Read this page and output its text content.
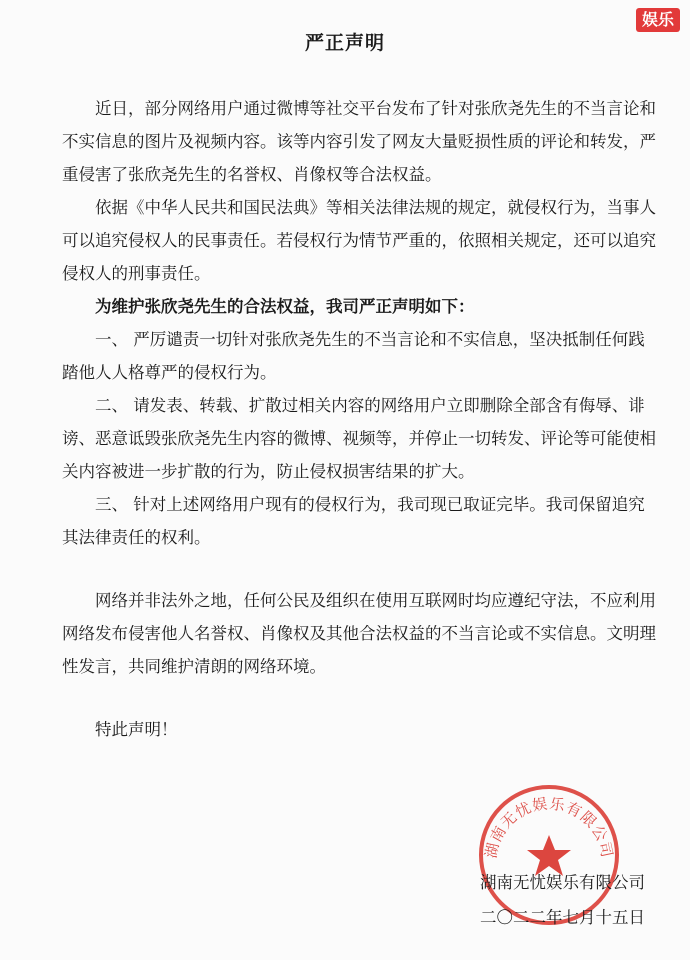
娱乐
严正声明

近日，部分网络用户通过微博等社交平台发布了针对张欣尧先生的不当言论和不实信息的图片及视频内容。该等内容引发了网友大量贬损性质的评论和转发，严重侵害了张欣尧先生的名誉权、肖像权等合法权益。

依据《中华人民共和国民法典》等相关法律法规的规定，就侵权行为，当事人可以追究侵权人的民事责任。若侵权行为情节严重的，依照相关规定，还可以追究侵权人的刑事责任。

为维护张欣尧先生的合法权益，我司严正声明如下：

一、 严厉谴责一切针对张欣尧先生的不当言论和不实信息，坚决抵制任何践踏他人人格尊严的侵权行为。

二、 请发表、转载、扩散过相关内容的网络用户立即删除全部含有侮辱、诽谤、恶意诋毁张欣尧先生内容的微博、视频等，并停止一切转发、评论等可能使相关内容被进一步扩散的行为，防止侵权损害结果的扩大。

三、 针对上述网络用户现有的侵权行为，我司现已取证完毕。我司保留追究其法律责任的权利。

网络并非法外之地，任何公民及组织在使用互联网时均应遵纪守法，不应利用网络发布侵害他人名誉权、肖像权及其他合法权益的不当言论或不实信息。文明理性发言，共同维护清朗的网络环境。

特此声明！

湖南无忧娱乐有限公司
湖南无忧娱乐有限公司
二〇二二年七月十五日
